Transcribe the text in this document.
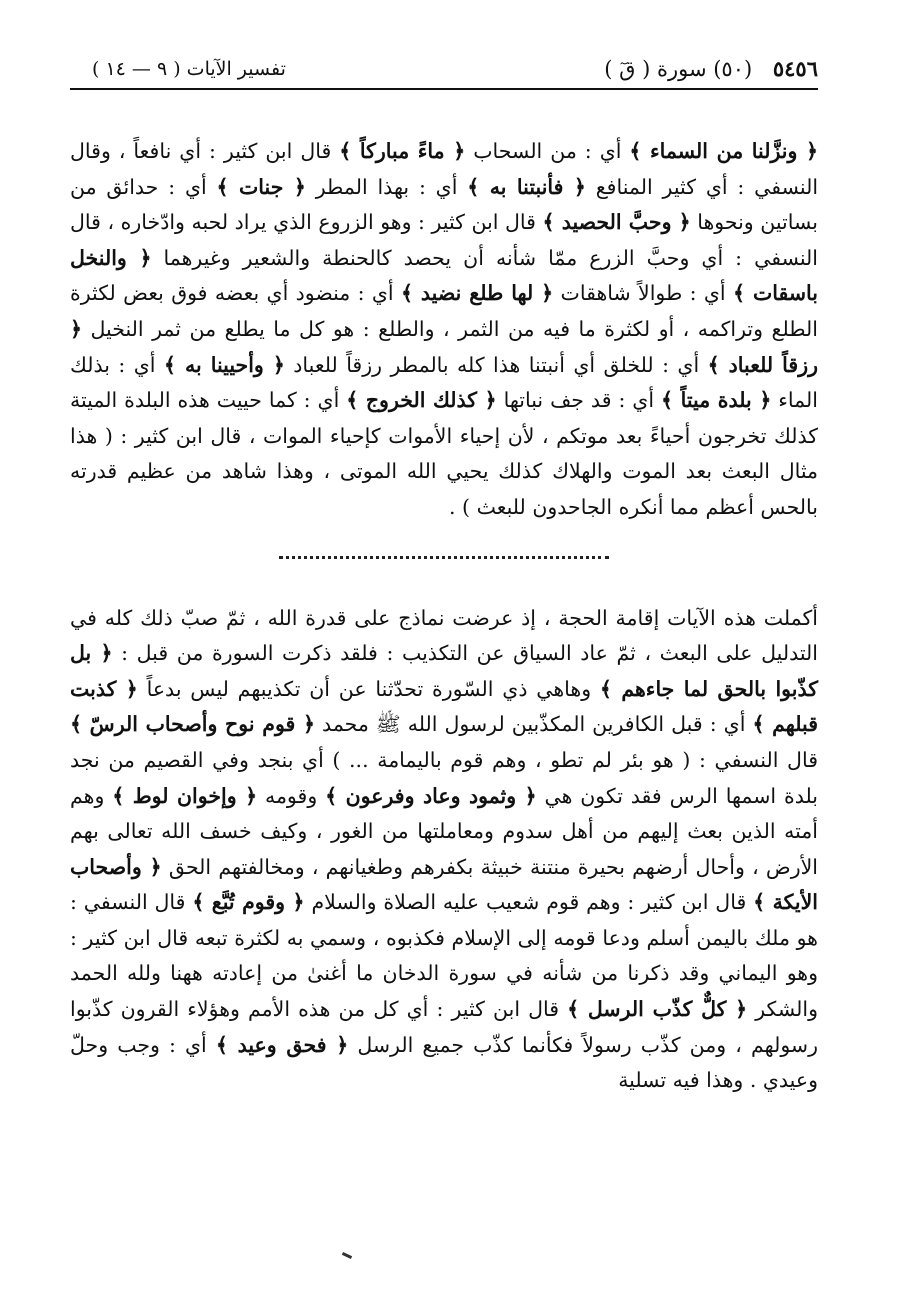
٥٤٥٦ (٥٠) سورة ( قٓ )
تفسير الآيات ( ٩ — ١٤ )

﴿ ونزَّلنا من السماء ﴾ أي : من السحاب ﴿ ماءً مباركاً ﴾ قال ابن كثير : أي نافعاً ، وقال النسفي : أي كثير المنافع ﴿ فأنبتنا به ﴾ أي : بهذا المطر ﴿ جنات ﴾ أي : حدائق من بساتين ونحوها ﴿ وحبَّ الحصيد ﴾ قال ابن كثير : وهو الزروع الذي يراد لحبه وادّخاره ، قال النسفي : أي وحبَّ الزرع ممّا شأنه أن يحصد كالحنطة والشعير وغيرهما ﴿ والنخل باسقات ﴾ أي : طوالاً شاهقات ﴿ لها طلع نضيد ﴾ أي : منضود أي بعضه فوق بعض لكثرة الطلع وتراكمه ، أو لكثرة ما فيه من الثمر ، والطلع : هو كل ما يطلع من ثمر النخيل ﴿ رزقاً للعباد ﴾ أي : للخلق أي أنبتنا هذا كله بالمطر رزقاً للعباد ﴿ وأحيينا به ﴾ أي : بذلك الماء ﴿ بلدة ميتاً ﴾ أي : قد جف نباتها ﴿ كذلك الخروج ﴾ أي : كما حييت هذه البلدة الميتة كذلك تخرجون أحياءً بعد موتكم ، لأن إحياء الأموات كإحياء الموات ، قال ابن كثير : ( هذا مثال البعث بعد الموت والهلاك كذلك يحيي الله الموتى ، وهذا شاهد من عظيم قدرته بالحس أعظم مما أنكره الجاحدون للبعث ) .

أكملت هذه الآيات إقامة الحجة ، إذ عرضت نماذج على قدرة الله ، ثمّ صبّ ذلك كله في التدليل على البعث ، ثمّ عاد السياق عن التكذيب : فلقد ذكرت السورة من قبل : ﴿ بل كذّبوا بالحق لما جاءهم ﴾ وهاهي ذي السّورة تحدّثنا عن أن تكذيبهم ليس بدعاً ﴿ كذبت قبلهم ﴾ أي : قبل الكافرين المكذّبين لرسول الله ﷺ محمد ﴿ قوم نوح وأصحاب الرسّ ﴾ قال النسفي : ( هو بئر لم تطو ، وهم قوم باليمامة ... ) أي بنجد وفي القصيم من نجد بلدة اسمها الرس فقد تكون هي ﴿ وثمود وعاد وفرعون ﴾ وقومه ﴿ وإخوان لوط ﴾ وهم أمته الذين بعث إليهم من أهل سدوم ومعاملتها من الغور ، وكيف خسف الله تعالى بهم الأرض ، وأحال أرضهم بحيرة منتنة خبيثة بكفرهم وطغيانهم ، ومخالفتهم الحق ﴿ وأصحاب الأيكة ﴾ قال ابن كثير : وهم قوم شعيب عليه الصلاة والسلام ﴿ وقوم تُبَّع ﴾ قال النسفي : هو ملك باليمن أسلم ودعا قومه إلى الإسلام فكذبوه ، وسمي به لكثرة تبعه قال ابن كثير : وهو اليماني وقد ذكرنا من شأنه في سورة الدخان ما أغنىٰ من إعادته ههنا ولله الحمد والشكر ﴿ كلٌّ كذّب الرسل ﴾ قال ابن كثير : أي كل من هذه الأمم وهؤلاء القرون كذّبوا رسولهم ، ومن كذّب رسولاً فكأنما كذّب جميع الرسل ﴿ فحق وعيد ﴾ أي : وجب وحلّ وعيدي . وهذا فيه تسلية
